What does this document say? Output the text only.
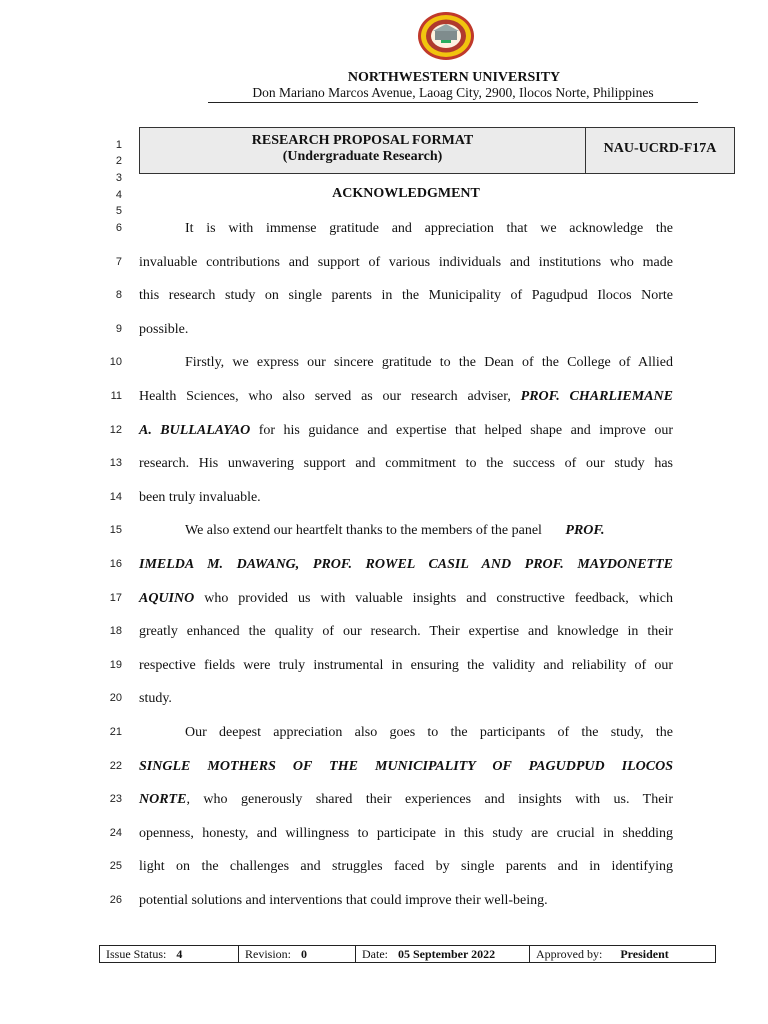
NORTHWESTERN UNIVERSITY
Don Mariano Marcos Avenue, Laoag City, 2900, Ilocos Norte, Philippines
RESEARCH PROPOSAL FORMAT
(Undergraduate Research)
NAU-UCRD-F17A
1
2
3
4
5
6
7
8
9
10
11
12
13
14
15
16
17
18
19
20
21
22
23
24
25
26
ACKNOWLEDGMENT
It is with immense gratitude and appreciation that we acknowledge the
invaluable contributions and support of various individuals and institutions who made
this research study on single parents in the Municipality of Pagudpud Ilocos Norte
possible.
Firstly, we express our sincere gratitude to the Dean of the College of Allied
Health Sciences, who also served as our research adviser, PROF. CHARLIEMANE
A. BULLALAYAO for his guidance and expertise that helped shape and improve our
research. His unwavering support and commitment to the success of our study has
been truly invaluable.
We also extend our heartfelt thanks to the members of the panel PROF.
IMELDA M. DAWANG, PROF. ROWEL CASIL AND PROF. MAYDONETTE
AQUINO who provided us with valuable insights and constructive feedback, which
greatly enhanced the quality of our research. Their expertise and knowledge in their
respective fields were truly instrumental in ensuring the validity and reliability of our
study.
Our deepest appreciation also goes to the participants of the study, the
SINGLE MOTHERS OF THE MUNICIPALITY OF PAGUDPUD ILOCOS
NORTE, who generously shared their experiences and insights with us. Their
openness, honesty, and willingness to participate in this study are crucial in shedding
light on the challenges and struggles faced by single parents and in identifying
potential solutions and interventions that could improve their well-being.
Issue Status: 4	Revision: 0	Date: 05 September 2022	Approved by: President
